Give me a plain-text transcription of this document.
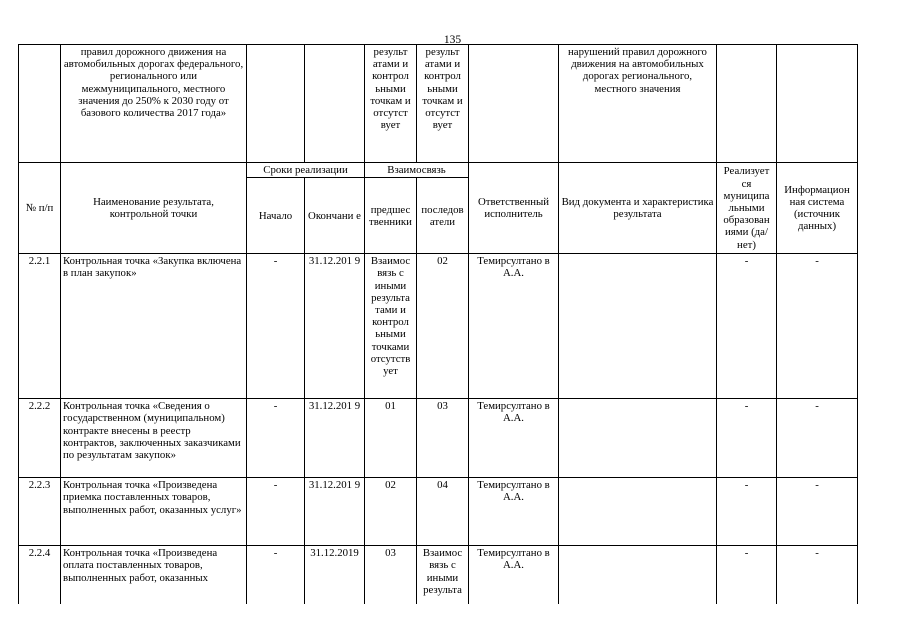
135
	правил дорожного движения на автомобильных дорогах федерального, регионального или межмуниципального, местного значения до 250% к 2030 году от базового количества 2017 года»			результ атами и контрол ьными точкам и отсутст вует	результ атами и контрол ьными точкам и отсутст вует		нарушений правил дорожного движения на автомобильных дорогах регионального, местного значения		
№ п/п	Наименование результата, контрольной точки	Сроки реализации		Взаимосвязь		Ответственный исполнитель	Вид документа и характеристика результата	Реализует ся муниципа льными образован иями (да/нет)	Информацион ная система (источник данных)
		Начало	Окончани е	предшес твенники	последов атели				
2.2.1	Контрольная точка «Закупка включена в план закупок»	-	31.12.201 9	Взаимос вязь с иными результа тами и контрол ьными точками отсутств ует	02	Темирсултано в А.А.		-	-
2.2.2	Контрольная точка «Сведения о государственном (муниципальном) контракте внесены в реестр контрактов, заключенных заказчиками по результатам закупок»	-	31.12.201 9	01	03	Темирсултано в А.А.		-	-
2.2.3	Контрольная точка «Произведена приемка поставленных товаров, выполненных работ, оказанных услуг»	-	31.12.201 9	02	04	Темирсултано в А.А.		-	-
2.2.4	Контрольная точка «Произведена оплата поставленных товаров, выполненных работ, оказанных	-	31.12.2019	03	Взаимос вязь с иными результа	Темирсултано в А.А.		-	-
